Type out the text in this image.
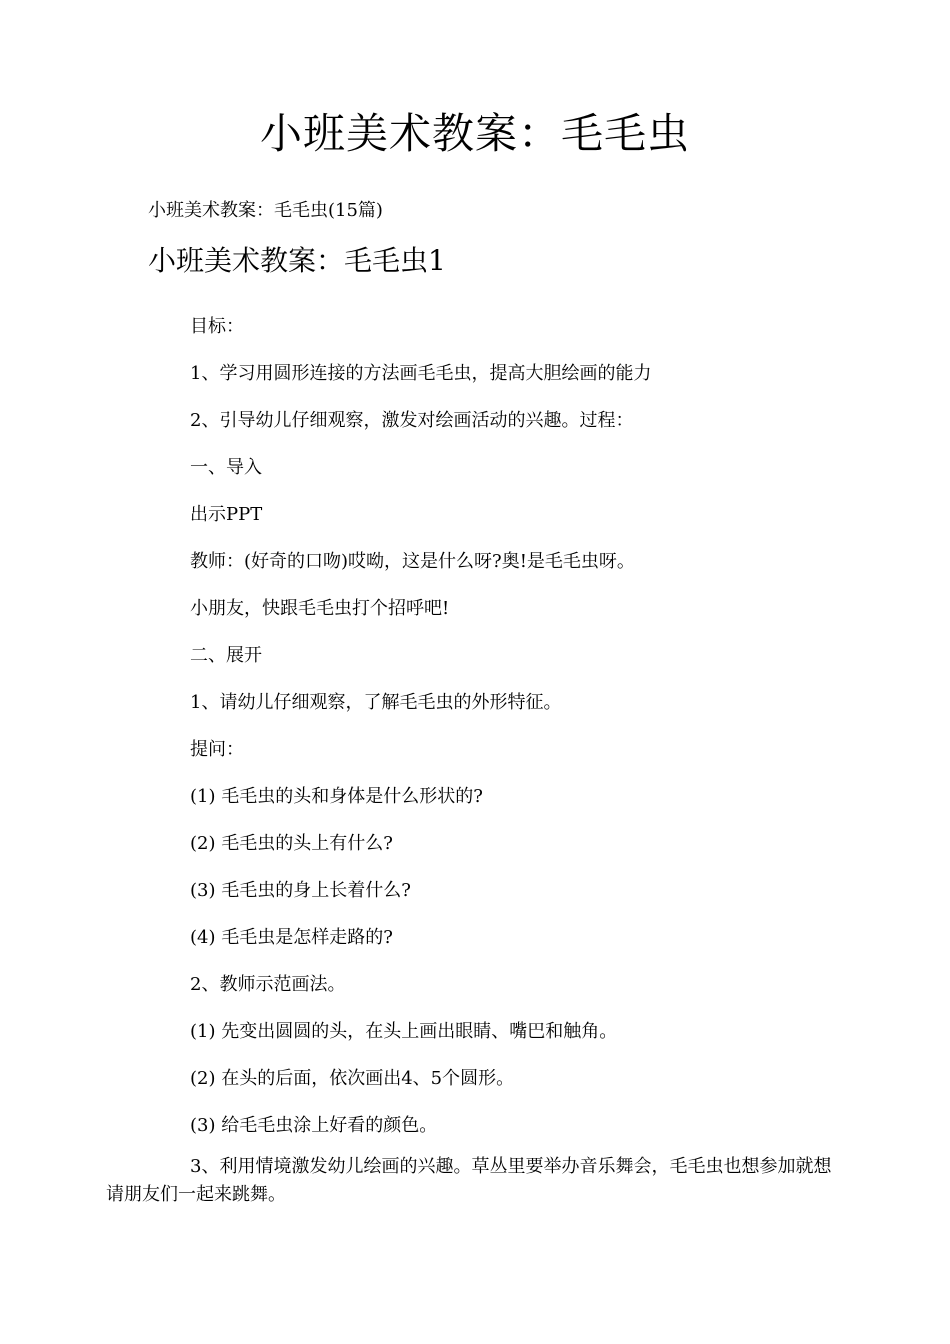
小班美术教案：毛毛虫
小班美术教案：毛毛虫(15篇)
小班美术教案：毛毛虫1
目标：
1、学习用圆形连接的方法画毛毛虫，提高大胆绘画的能力
2、引导幼儿仔细观察，激发对绘画活动的兴趣。过程：
一、导入
出示PPT
教师：(好奇的口吻)哎呦，这是什么呀?奥!是毛毛虫呀。
小朋友，快跟毛毛虫打个招呼吧!
二、展开
1、请幼儿仔细观察，了解毛毛虫的外形特征。
提问：
(1) 毛毛虫的头和身体是什么形状的?
(2) 毛毛虫的头上有什么?
(3) 毛毛虫的身上长着什么?
(4) 毛毛虫是怎样走路的?
2、教师示范画法。
(1) 先变出圆圆的头，在头上画出眼睛、嘴巴和触角。
(2) 在头的后面，依次画出4、5个圆形。
(3) 给毛毛虫涂上好看的颜色。
3、利用情境激发幼儿绘画的兴趣。草丛里要举办音乐舞会，毛毛虫也想参加就想请朋友们一起来跳舞。
